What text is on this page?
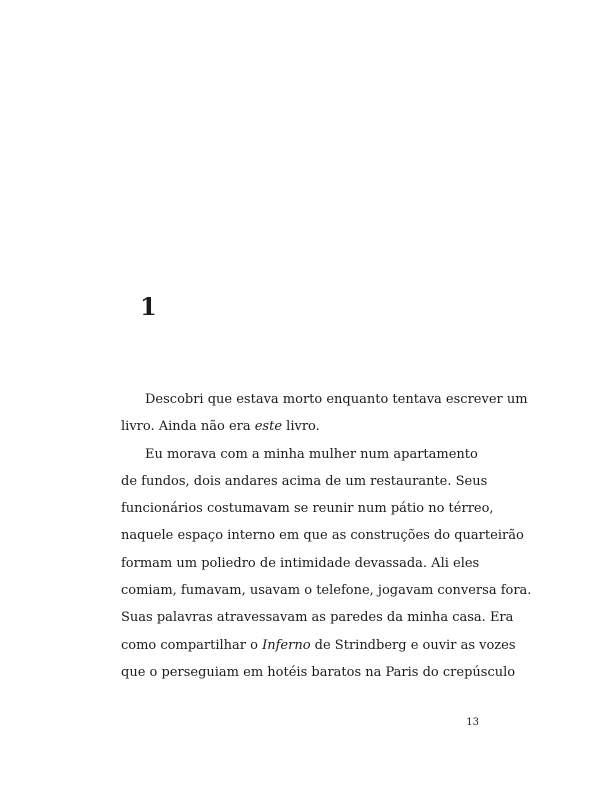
1
Descobri que estava morto enquanto tentava escrever um
livro. Ainda não era este livro.
Eu morava com a minha mulher num apartamento
de fundos, dois andares acima de um restaurante. Seus
funcionários costumavam se reunir num pátio no térreo,
naquele espaço interno em que as construções do quarteirão
formam um poliedro de intimidade devassada. Ali eles
comiam, fumavam, usavam o telefone, jogavam conversa fora.
Suas palavras atravessavam as paredes da minha casa. Era
como compartilhar o Inferno de Strindberg e ouvir as vozes
que o perseguiam em hotéis baratos na Paris do crepúsculo
13
